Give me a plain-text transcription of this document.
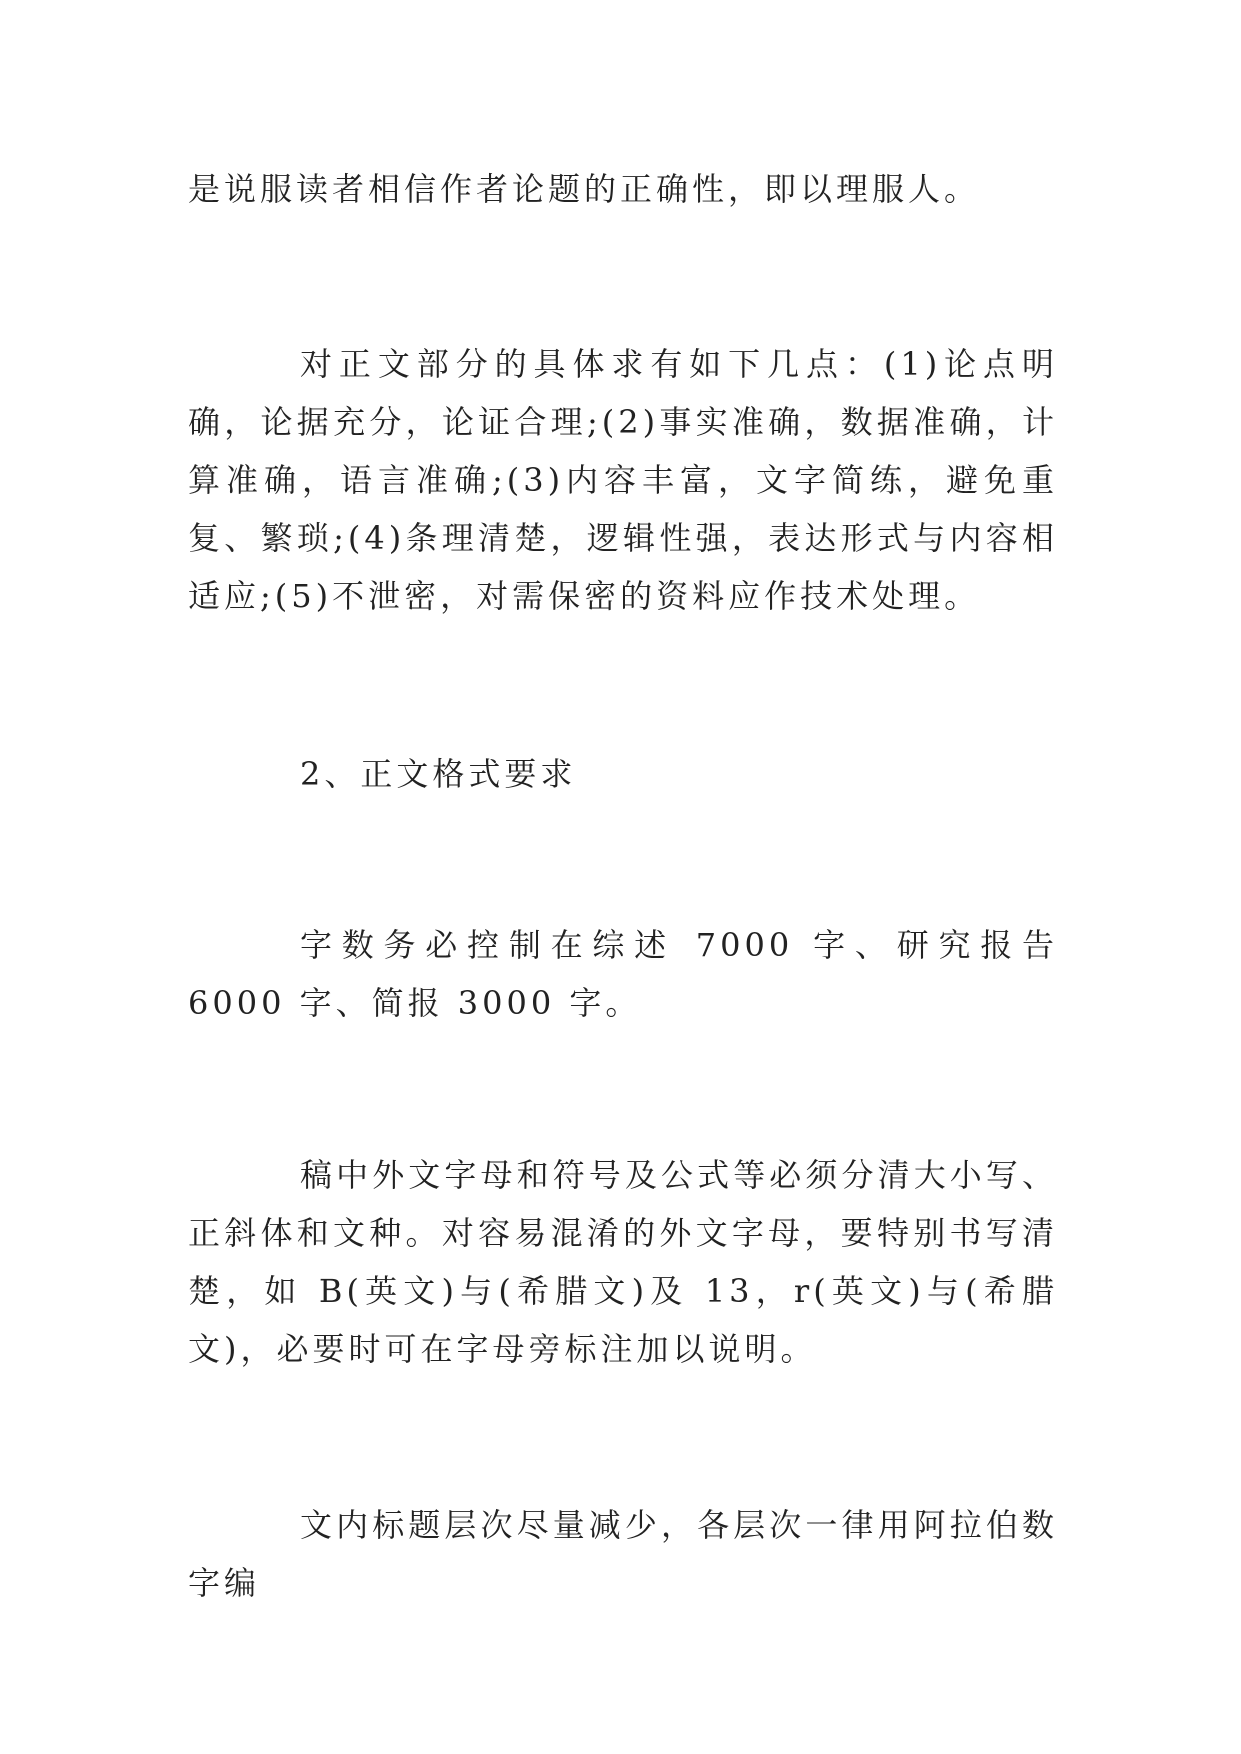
是说服读者相信作者论题的正确性，即以理服人。

对正文部分的具体求有如下几点：(1)论点明确，论据充分，论证合理;(2)事实准确，数据准确，计算准确，语言准确;(3)内容丰富，文字简练，避免重复、繁琐;(4)条理清楚，逻辑性强，表达形式与内容相适应;(5)不泄密，对需保密的资料应作技术处理。

2、正文格式要求

字数务必控制在综述 7000 字、研究报告 6000 字、简报 3000 字。

稿中外文字母和符号及公式等必须分清大小写、正斜体和文种。对容易混淆的外文字母，要特别书写清楚，如 B(英文)与(希腊文)及 13，r(英文)与(希腊文)，必要时可在字母旁标注加以说明。

文内标题层次尽量减少，各层次一律用阿拉伯数字编
